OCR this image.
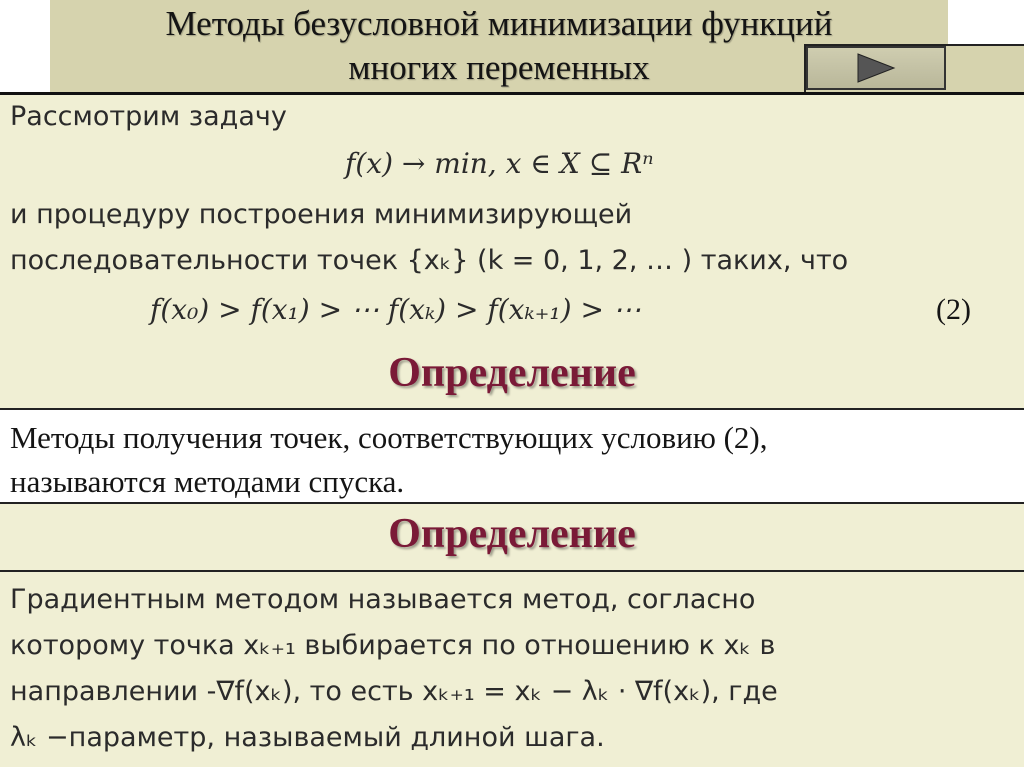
Методы безусловной минимизации функций
многих переменных
Рассмотрим задачу
f(x) → min, x ∈ X ⊆ Rⁿ
и процедуру построения минимизирующей
последовательности точек {xₖ} (k = 0, 1, 2, … ) таких, что
f(x₀) > f(x₁) > ⋯ f(xₖ) > f(xₖ₊₁) > ⋯	(2)
Определение
Методы получения точек, соответствующих условию (2),
называются методами спуска.
Определение
Градиентным методом называется метод, согласно
которому точка xₖ₊₁ выбирается по отношению к xₖ в
направлении -∇f(xₖ), то есть xₖ₊₁ = xₖ − λₖ · ∇f(xₖ), где
λₖ −параметр, называемый длиной шага.
